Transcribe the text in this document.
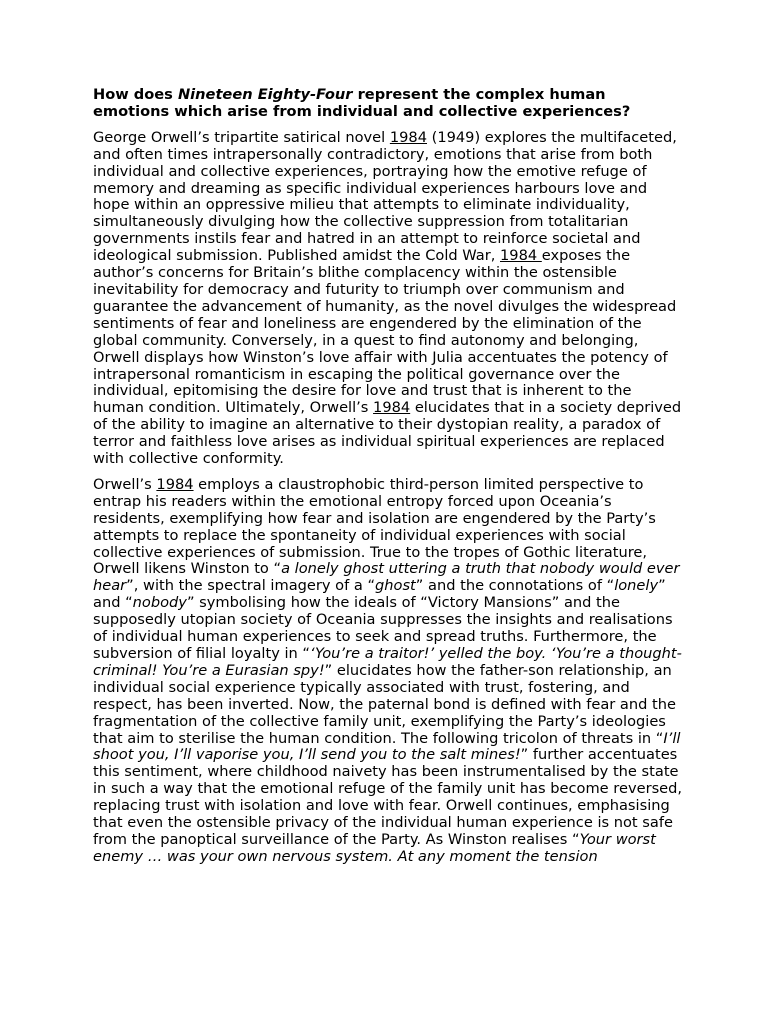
How does Nineteen Eighty-Four represent the complex human emotions which arise from individual and collective experiences?

George Orwell’s tripartite satirical novel 1984 (1949) explores the multifaceted, and often times intrapersonally contradictory, emotions that arise from both individual and collective experiences, portraying how the emotive refuge of memory and dreaming as specific individual experiences harbours love and hope within an oppressive milieu that attempts to eliminate individuality, simultaneously divulging how the collective suppression from totalitarian governments instils fear and hatred in an attempt to reinforce societal and ideological submission. Published amidst the Cold War, 1984 exposes the author’s concerns for Britain’s blithe complacency within the ostensible inevitability for democracy and futurity to triumph over communism and guarantee the advancement of humanity, as the novel divulges the widespread sentiments of fear and loneliness are engendered by the elimination of the global community. Conversely, in a quest to find autonomy and belonging, Orwell displays how Winston’s love affair with Julia accentuates the potency of intrapersonal romanticism in escaping the political governance over the individual, epitomising the desire for love and trust that is inherent to the human condition. Ultimately, Orwell’s 1984 elucidates that in a society deprived of the ability to imagine an alternative to their dystopian reality, a paradox of terror and faithless love arises as individual spiritual experiences are replaced with collective conformity.

Orwell’s 1984 employs a claustrophobic third-person limited perspective to entrap his readers within the emotional entropy forced upon Oceania’s residents, exemplifying how fear and isolation are engendered by the Party’s attempts to replace the spontaneity of individual experiences with social collective experiences of submission. True to the tropes of Gothic literature, Orwell likens Winston to “a lonely ghost uttering a truth that nobody would ever hear”, with the spectral imagery of a “ghost” and the connotations of “lonely” and “nobody” symbolising how the ideals of “Victory Mansions” and the supposedly utopian society of Oceania suppresses the insights and realisations of individual human experiences to seek and spread truths. Furthermore, the subversion of filial loyalty in “‘You’re a traitor!’ yelled the boy. ‘You’re a thought-criminal! You’re a Eurasian spy!” elucidates how the father-son relationship, an individual social experience typically associated with trust, fostering, and respect, has been inverted. Now, the paternal bond is defined with fear and the fragmentation of the collective family unit, exemplifying the Party’s ideologies that aim to sterilise the human condition. The following tricolon of threats in “I’ll shoot you, I’ll vaporise you, I’ll send you to the salt mines!” further accentuates this sentiment, where childhood naivety has been instrumentalised by the state in such a way that the emotional refuge of the family unit has become reversed, replacing trust with isolation and love with fear. Orwell continues, emphasising that even the ostensible privacy of the individual human experience is not safe from the panoptical surveillance of the Party. As Winston realises “Your worst enemy … was your own nervous system. At any moment the tension
